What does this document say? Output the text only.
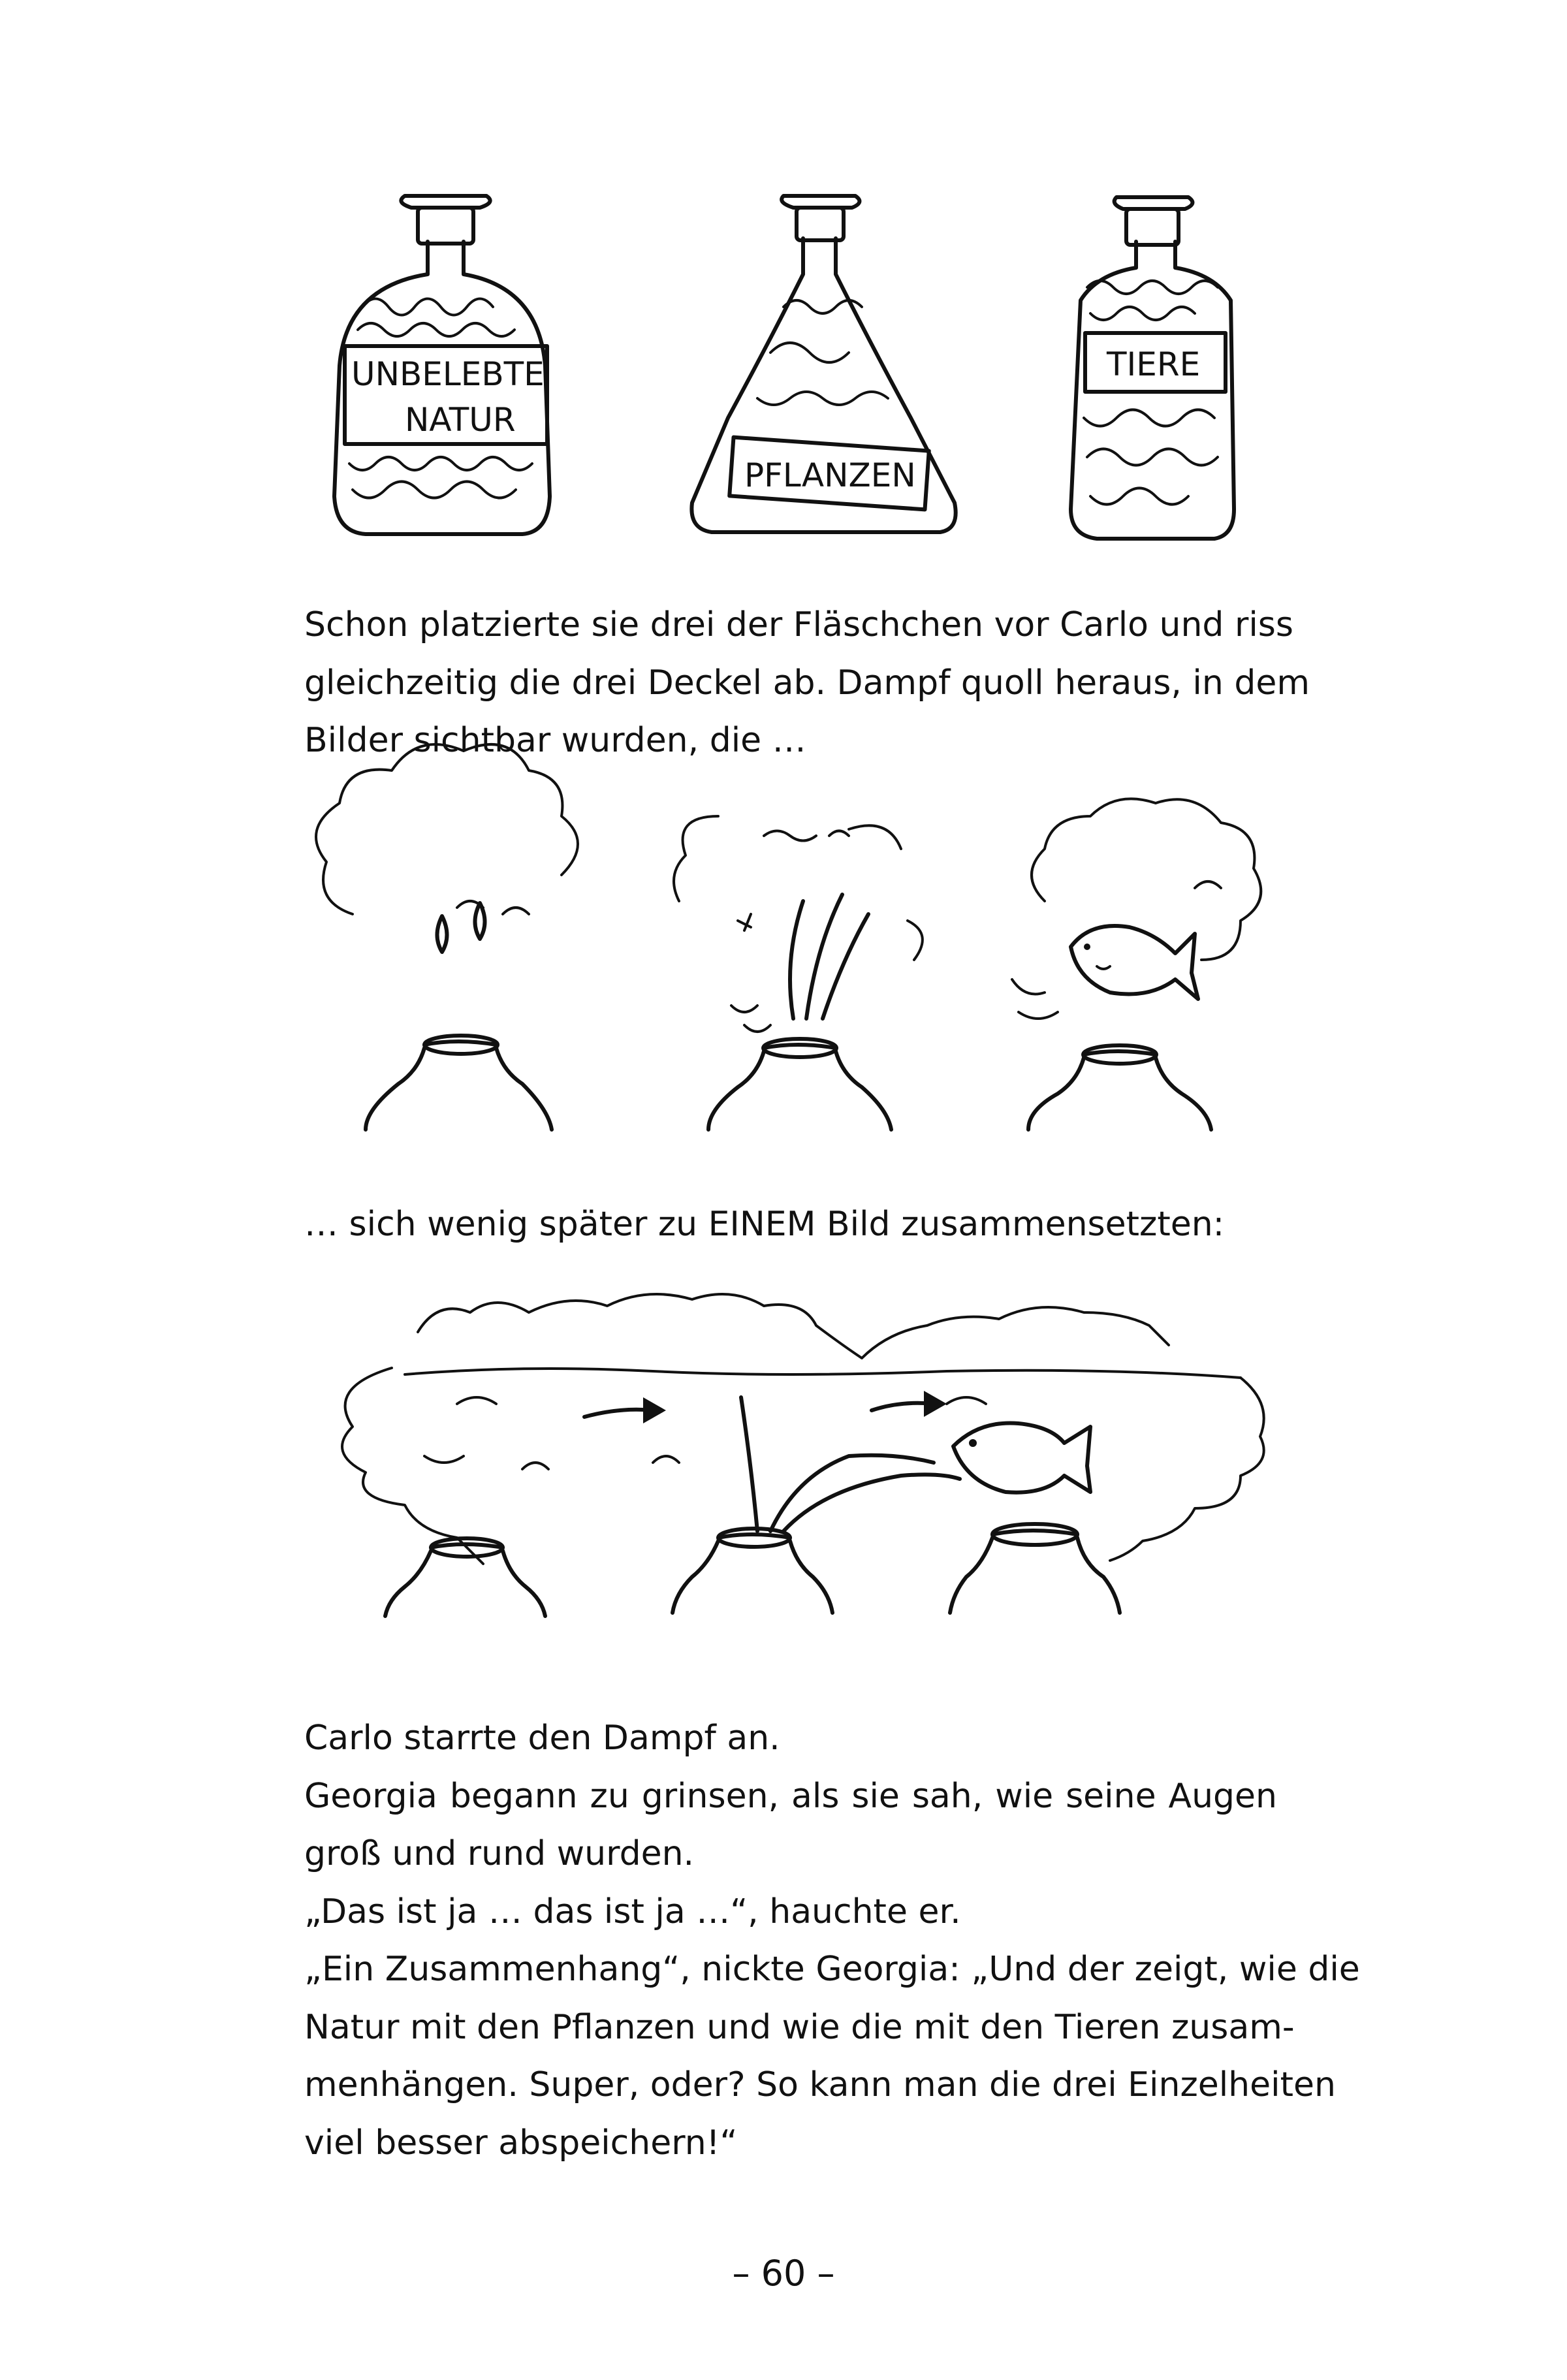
UNBELEBTE
NATUR
PFLANZEN
TIERE

Schon platzierte sie drei der Fläschchen vor Carlo und riss
gleichzeitig die drei Deckel ab. Dampf quoll heraus, in dem
Bilder sichtbar wurden, die …

… sich wenig später zu EINEM Bild zusammensetzten:

Carlo starrte den Dampf an.
Georgia begann zu grinsen, als sie sah, wie seine Augen
groß und rund wurden.
„Das ist ja … das ist ja …“, hauchte er.
„Ein Zusammenhang“, nickte Georgia: „Und der zeigt, wie die
Natur mit den Pflanzen und wie die mit den Tieren zusam-
menhängen. Super, oder? So kann man die drei Einzelheiten
viel besser abspeichern!“

– 60 –
